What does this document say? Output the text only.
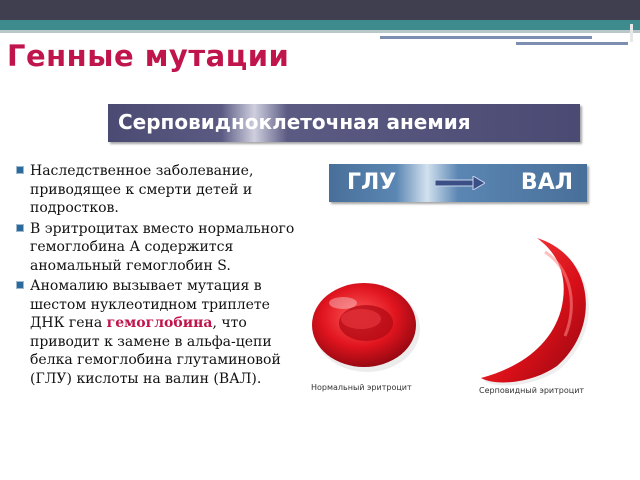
Генные мутации
Серповидноклеточная анемия
Наследственное заболевание, приводящее к смерти детей и подростков.
В эритроцитах вместо нормального гемоглобина А содержится аномальный гемоглобин S.
Аномалию вызывает мутация в шестом нуклеотидном триплете ДНК гена гемоглобина, что приводит к замене в альфа-цепи белка гемоглобина глутаминовой (ГЛУ) кислоты на валин (ВАЛ).
ГЛУ	ВАЛ
Нормальный эритроцит	Серповидный эритроцит
